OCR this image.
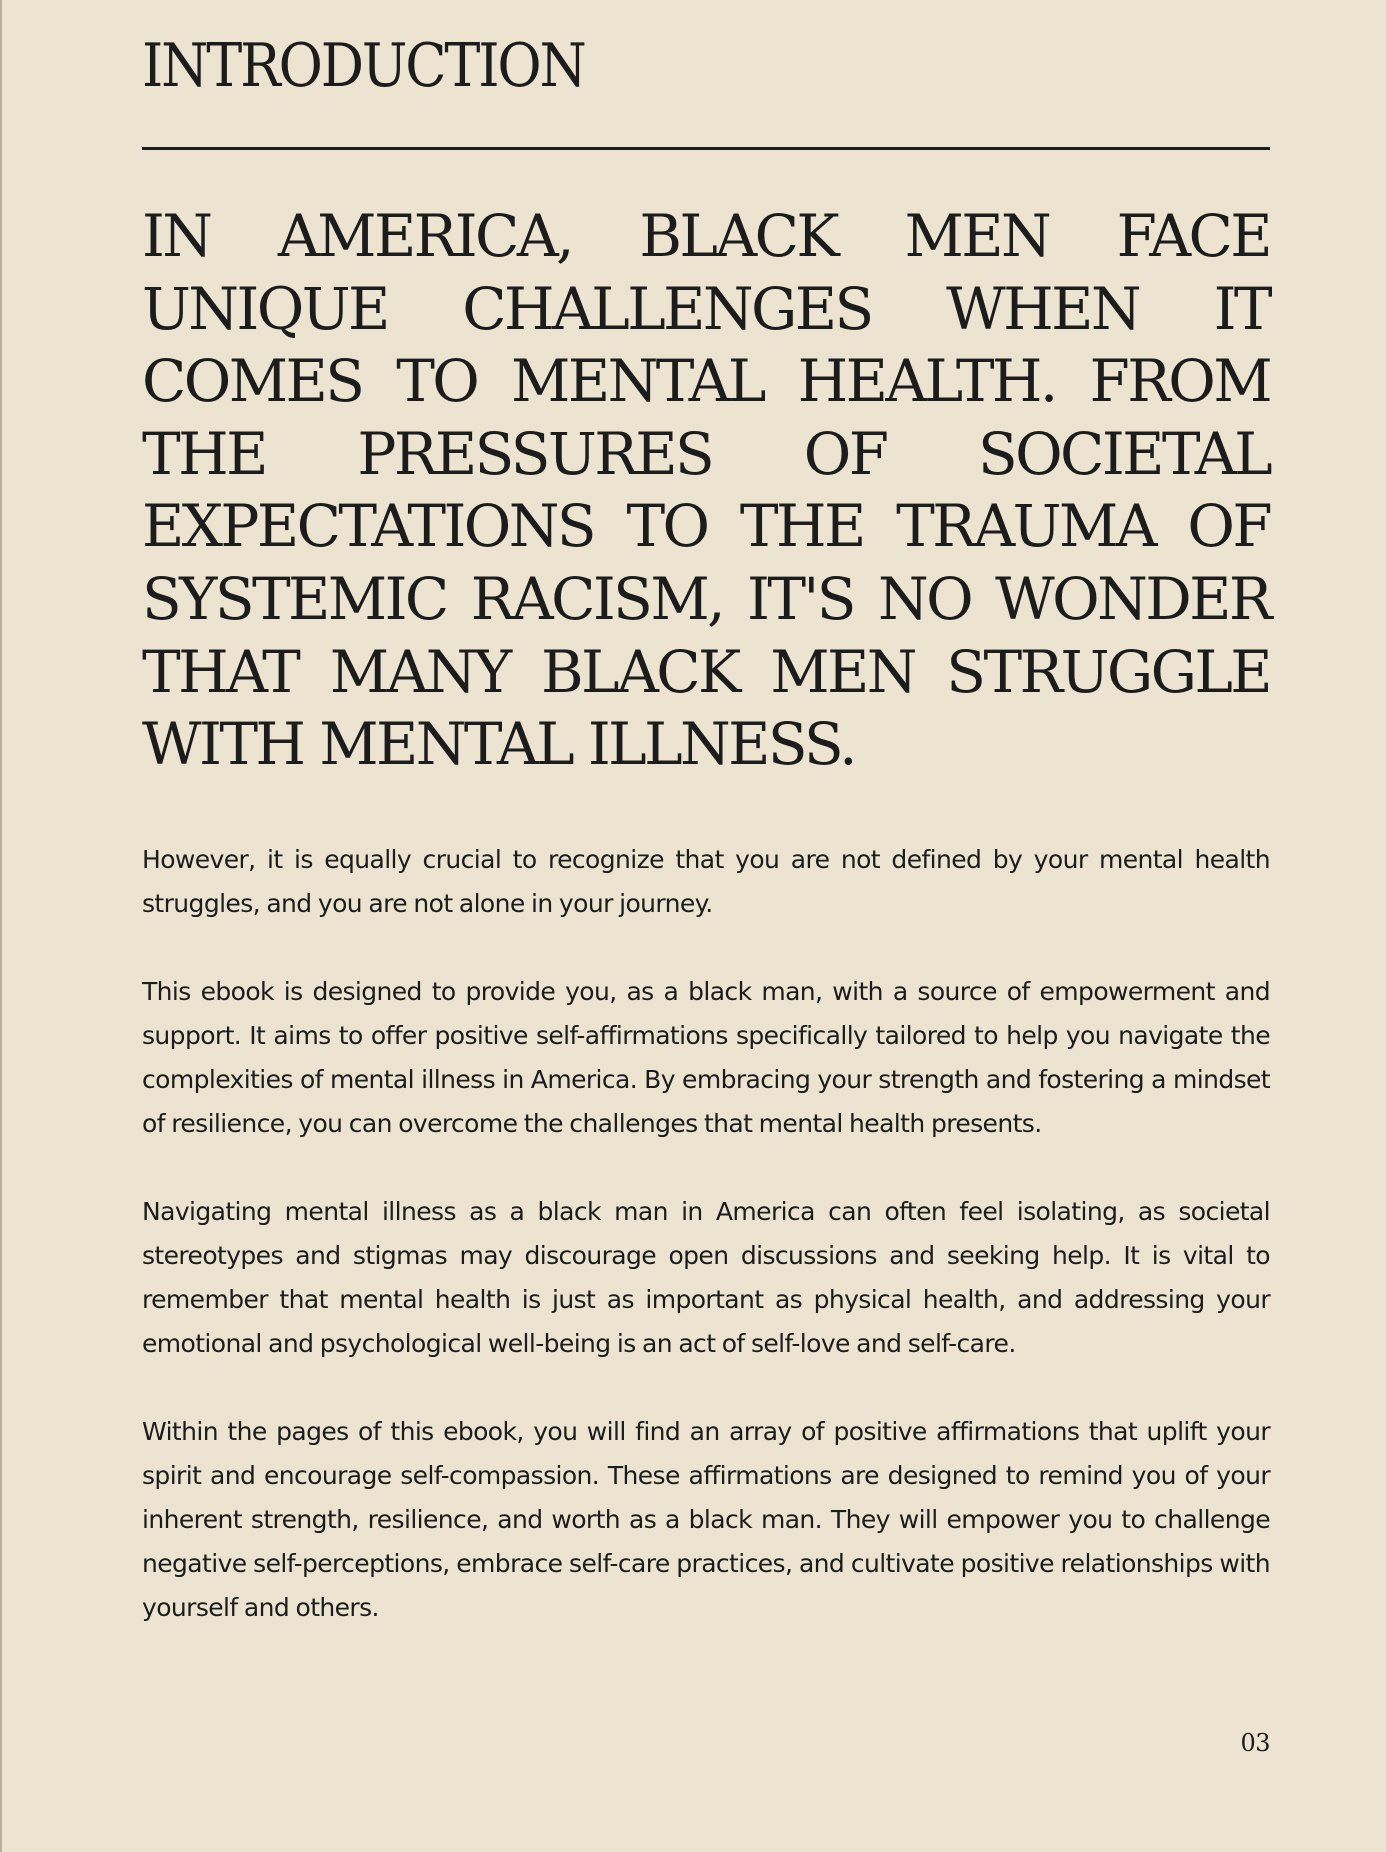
INTRODUCTION
IN AMERICA, BLACK MEN FACE UNIQUE CHALLENGES WHEN IT COMES TO MENTAL HEALTH. FROM THE PRESSURES OF SOCIETAL EXPECTATIONS TO THE TRAUMA OF SYSTEMIC RACISM, IT'S NO WONDER THAT MANY BLACK MEN STRUGGLE WITH MENTAL ILLNESS.

However, it is equally crucial to recognize that you are not defined by your mental health struggles, and you are not alone in your journey.

This ebook is designed to provide you, as a black man, with a source of empowerment and support. It aims to offer positive self-affirmations specifically tailored to help you navigate the complexities of mental illness in America. By embracing your strength and fostering a mindset of resilience, you can overcome the challenges that mental health presents.

Navigating mental illness as a black man in America can often feel isolating, as societal stereotypes and stigmas may discourage open discussions and seeking help. It is vital to remember that mental health is just as important as physical health, and addressing your emotional and psychological well-being is an act of self-love and self-care.

Within the pages of this ebook, you will find an array of positive affirmations that uplift your spirit and encourage self-compassion. These affirmations are designed to remind you of your inherent strength, resilience, and worth as a black man. They will empower you to challenge negative self-perceptions, embrace self-care practices, and cultivate positive relationships with yourself and others.

03
